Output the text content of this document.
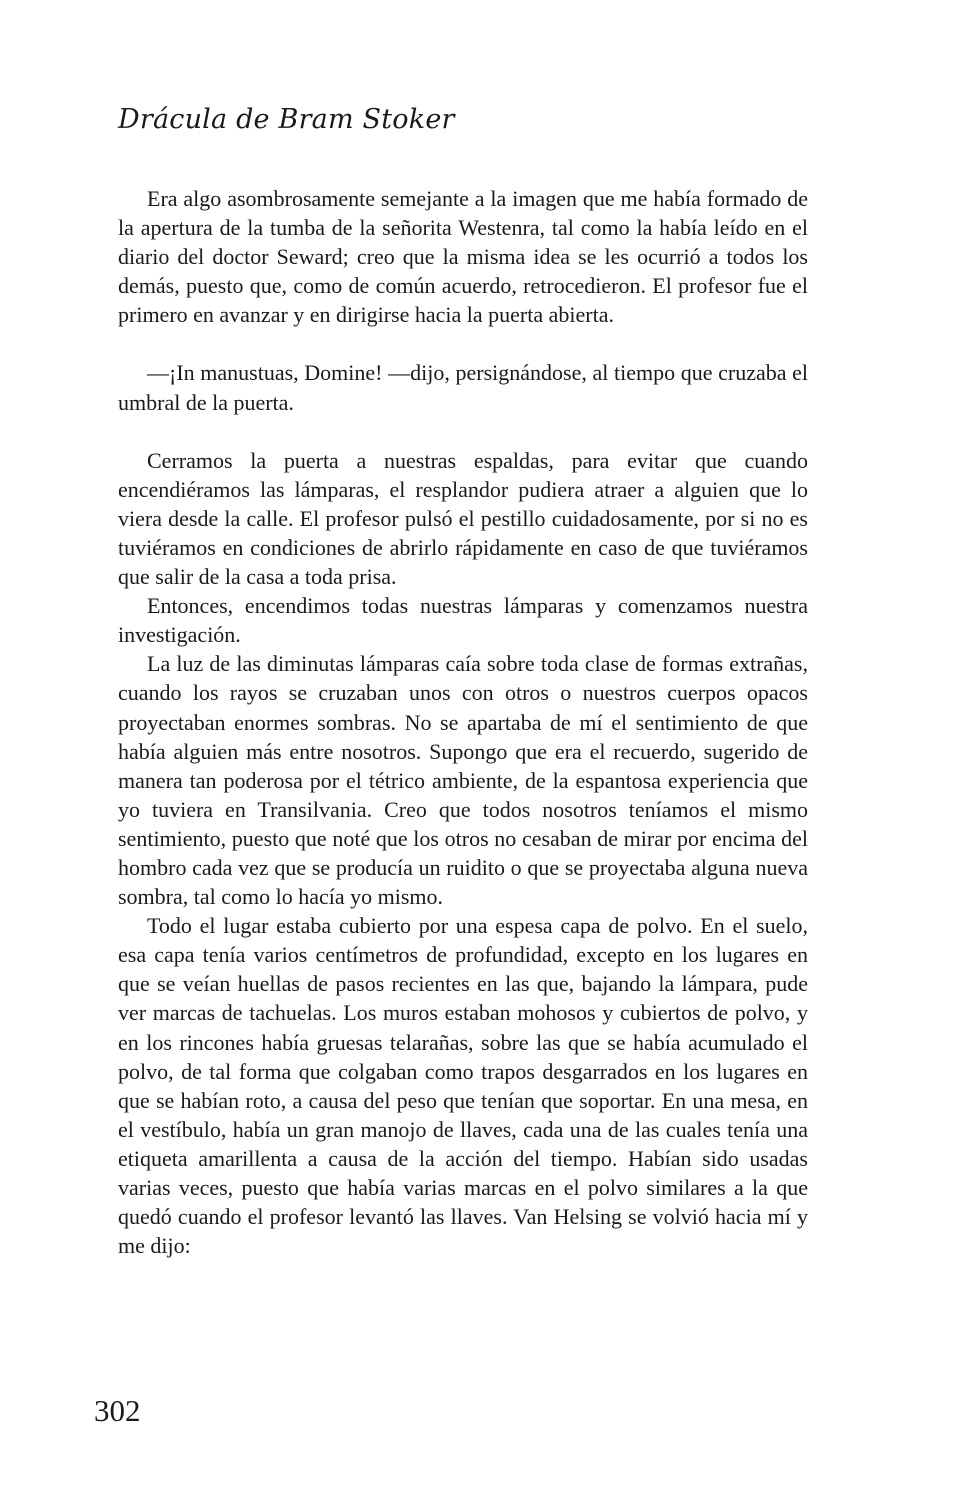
Drácula de Bram Stoker

Era algo asombrosamente semejante a la imagen que me había formado de la apertura de la tumba de la señorita Westenra, tal como la había leído en el diario del doctor Seward; creo que la misma idea se les ocurrió a todos los demás, puesto que, como de común acuerdo, retrocedieron. El profesor fue el primero en avanzar y en dirigirse hacia la puerta abierta.

—¡In manustuas, Domine! —dijo, persignándose, al tiempo que cruzaba el umbral de la puerta.

Cerramos la puerta a nuestras espaldas, para evitar que cuando encendiéramos las lámparas, el resplandor pudiera atraer a alguien que lo viera desde la calle. El profesor pulsó el pestillo cuidadosamente, por si no es tuviéramos en condiciones de abrirlo rápidamente en caso de que tuviéramos que salir de la casa a toda prisa.

Entonces, encendimos todas nuestras lámparas y comenzamos nuestra investigación.

La luz de las diminutas lámparas caía sobre toda clase de formas extrañas, cuando los rayos se cruzaban unos con otros o nuestros cuerpos opacos proyectaban enormes sombras. No se apartaba de mí el sentimiento de que había alguien más entre nosotros. Supongo que era el recuerdo, sugerido de manera tan poderosa por el tétrico ambiente, de la espantosa experiencia que yo tuviera en Transilvania. Creo que todos nosotros teníamos el mismo sentimiento, puesto que noté que los otros no cesaban de mirar por encima del hombro cada vez que se producía un ruidito o que se proyectaba alguna nueva sombra, tal como lo hacía yo mismo.

Todo el lugar estaba cubierto por una espesa capa de polvo. En el suelo, esa capa tenía varios centímetros de profundidad, excepto en los lugares en que se veían huellas de pasos recientes en las que, bajando la lámpara, pude ver marcas de tachuelas. Los muros estaban mohosos y cubiertos de polvo, y en los rincones había gruesas telarañas, sobre las que se había acumulado el polvo, de tal forma que colgaban como trapos desgarrados en los lugares en que se habían roto, a causa del peso que tenían que soportar. En una mesa, en el vestíbulo, había un gran manojo de llaves, cada una de las cuales tenía una etiqueta amarillenta a causa de la acción del tiempo. Habían sido usadas varias veces, puesto que había varias marcas en el polvo similares a la que quedó cuando el profesor levantó las llaves. Van Helsing se volvió hacia mí y me dijo:

302
